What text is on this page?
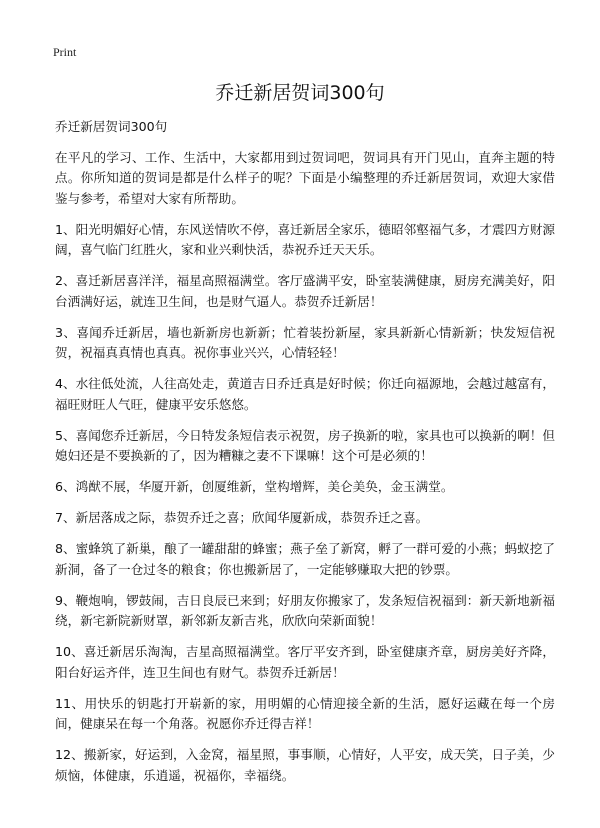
Print
乔迁新居贺词300句

乔迁新居贺词300句

在平凡的学习、工作、生活中，大家都用到过贺词吧，贺词具有开门见山，直奔主题的特点。你所知道的贺词是都是什么样子的呢？下面是小编整理的乔迁新居贺词，欢迎大家借鉴与参考，希望对大家有所帮助。

1、阳光明媚好心情，东风送情吹不停，喜迁新居全家乐，德昭邻壑福气多，才震四方财源阔，喜气临门红胜火，家和业兴剩快活，恭祝乔迁天天乐。

2、喜迁新居喜洋洋，福星高照福满堂。客厅盛满平安，卧室装满健康，厨房充满美好，阳台洒满好运，就连卫生间，也是财气逼人。恭贺乔迁新居！

3、喜闻乔迁新居，墙也新新房也新新；忙着装扮新屋，家具新新心情新新；快发短信祝贺，祝福真真情也真真。祝你事业兴兴，心情轻轻！

4、水往低处流，人往高处走，黄道吉日乔迁真是好时候；你迁向福源地，会越过越富有，福旺财旺人气旺，健康平安乐悠悠。

5、喜闻您乔迁新居，今日特发条短信表示祝贺，房子换新的啦，家具也可以换新的啊！但媳妇还是不要换新的了，因为糟糠之妻不下课嘛！这个可是必须的！

6、鸿猷不展，华厦开新，创厦维新，堂构增辉，美仑美奂，金玉满堂。

7、新居落成之际，恭贺乔迁之喜；欣闻华厦新成，恭贺乔迁之喜。

8、蜜蜂筑了新巢，酿了一罐甜甜的蜂蜜；燕子垒了新窝，孵了一群可爱的小燕；蚂蚁挖了新洞，备了一仓过冬的粮食；你也搬新居了，一定能够赚取大把的钞票。

9、鞭炮响，锣鼓闹，吉日良辰已来到；好朋友你搬家了，发条短信祝福到：新天新地新福绕，新宅新院新财罩，新邻新友新吉兆，欣欣向荣新面貌！

10、喜迁新居乐淘淘，吉星高照福满堂。客厅平安齐到，卧室健康齐章，厨房美好齐降，阳台好运齐伴，连卫生间也有财气。恭贺乔迁新居！

11、用快乐的钥匙打开崭新的家，用明媚的心情迎接全新的生活，愿好运藏在每一个房间，健康呆在每一个角落。祝愿你乔迁得吉祥！

12、搬新家，好运到，入金窝，福星照，事事顺，心情好，人平安，成天笑，日子美，少烦恼，体健康，乐逍遥，祝福你，幸福绕。
